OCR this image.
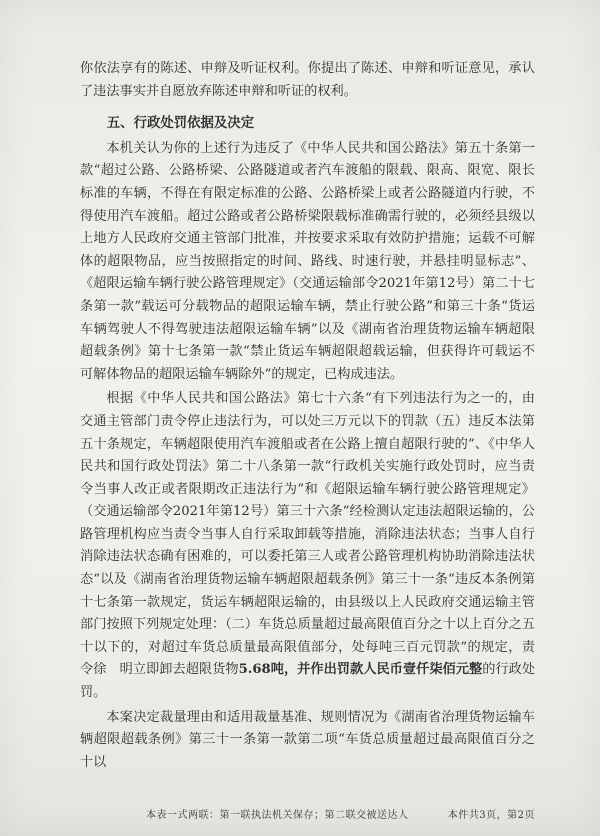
你依法享有的陈述、申辩及听证权利。你提出了陈述、申辩和听证意见，承认了违法事实并自愿放弃陈述申辩和听证的权利。

五、行政处罚依据及决定

本机关认为你的上述行为违反了《中华人民共和国公路法》第五十条第一款“超过公路、公路桥梁、公路隧道或者汽车渡船的限载、限高、限宽、限长标准的车辆，不得在有限定标准的公路、公路桥梁上或者公路隧道内行驶，不得使用汽车渡船。超过公路或者公路桥梁限载标准确需行驶的，必须经县级以上地方人民政府交通主管部门批准，并按要求采取有效防护措施；运载不可解体的超限物品，应当按照指定的时间、路线、时速行驶，并悬挂明显标志”、《超限运输车辆行驶公路管理规定》（交通运输部令2021年第12号）第二十七条第一款“载运可分载物品的超限运输车辆，禁止行驶公路”和第三十条“货运车辆驾驶人不得驾驶违法超限运输车辆”以及《湖南省治理货物运输车辆超限超载条例》第十七条第一款“禁止货运车辆超限超载运输，但获得许可载运不可解体物品的超限运输车辆除外”的规定，已构成违法。

根据《中华人民共和国公路法》第七十六条“有下列违法行为之一的，由交通主管部门责令停止违法行为，可以处三万元以下的罚款（五）违反本法第五十条规定，车辆超限使用汽车渡船或者在公路上擅自超限行驶的”、《中华人民共和国行政处罚法》第二十八条第一款“行政机关实施行政处罚时，应当责令当事人改正或者限期改正违法行为”和《超限运输车辆行驶公路管理规定》（交通运输部令2021年第12号）第三十六条“经检测认定违法超限运输的，公路管理机构应当责令当事人自行采取卸载等措施，消除违法状态；当事人自行消除违法状态确有困难的，可以委托第三人或者公路管理机构协助消除违法状态”以及《湖南省治理货物运输车辆超限超载条例》第三十一条“违反本条例第十七条第一款规定，货运车辆超限运输的，由县级以上人民政府交通运输主管部门按照下列规定处理：（二）车货总质量超过最高限值百分之十以上百分之五十以下的，对超过车货总质量最高限值部分，处每吨三百元罚款”的规定，责令徐　明立即卸去超限货物5.68吨，并作出罚款人民币壹仟柒佰元整的行政处罚。

本案决定裁量理由和适用裁量基准、规则情况为《湖南省治理货物运输车辆超限超载条例》第三十一条第一款第二项“车货总质量超过最高限值百分之十以

本表一式两联：第一联执法机关保存；第二联交被送达人	本件共3页，第2页
